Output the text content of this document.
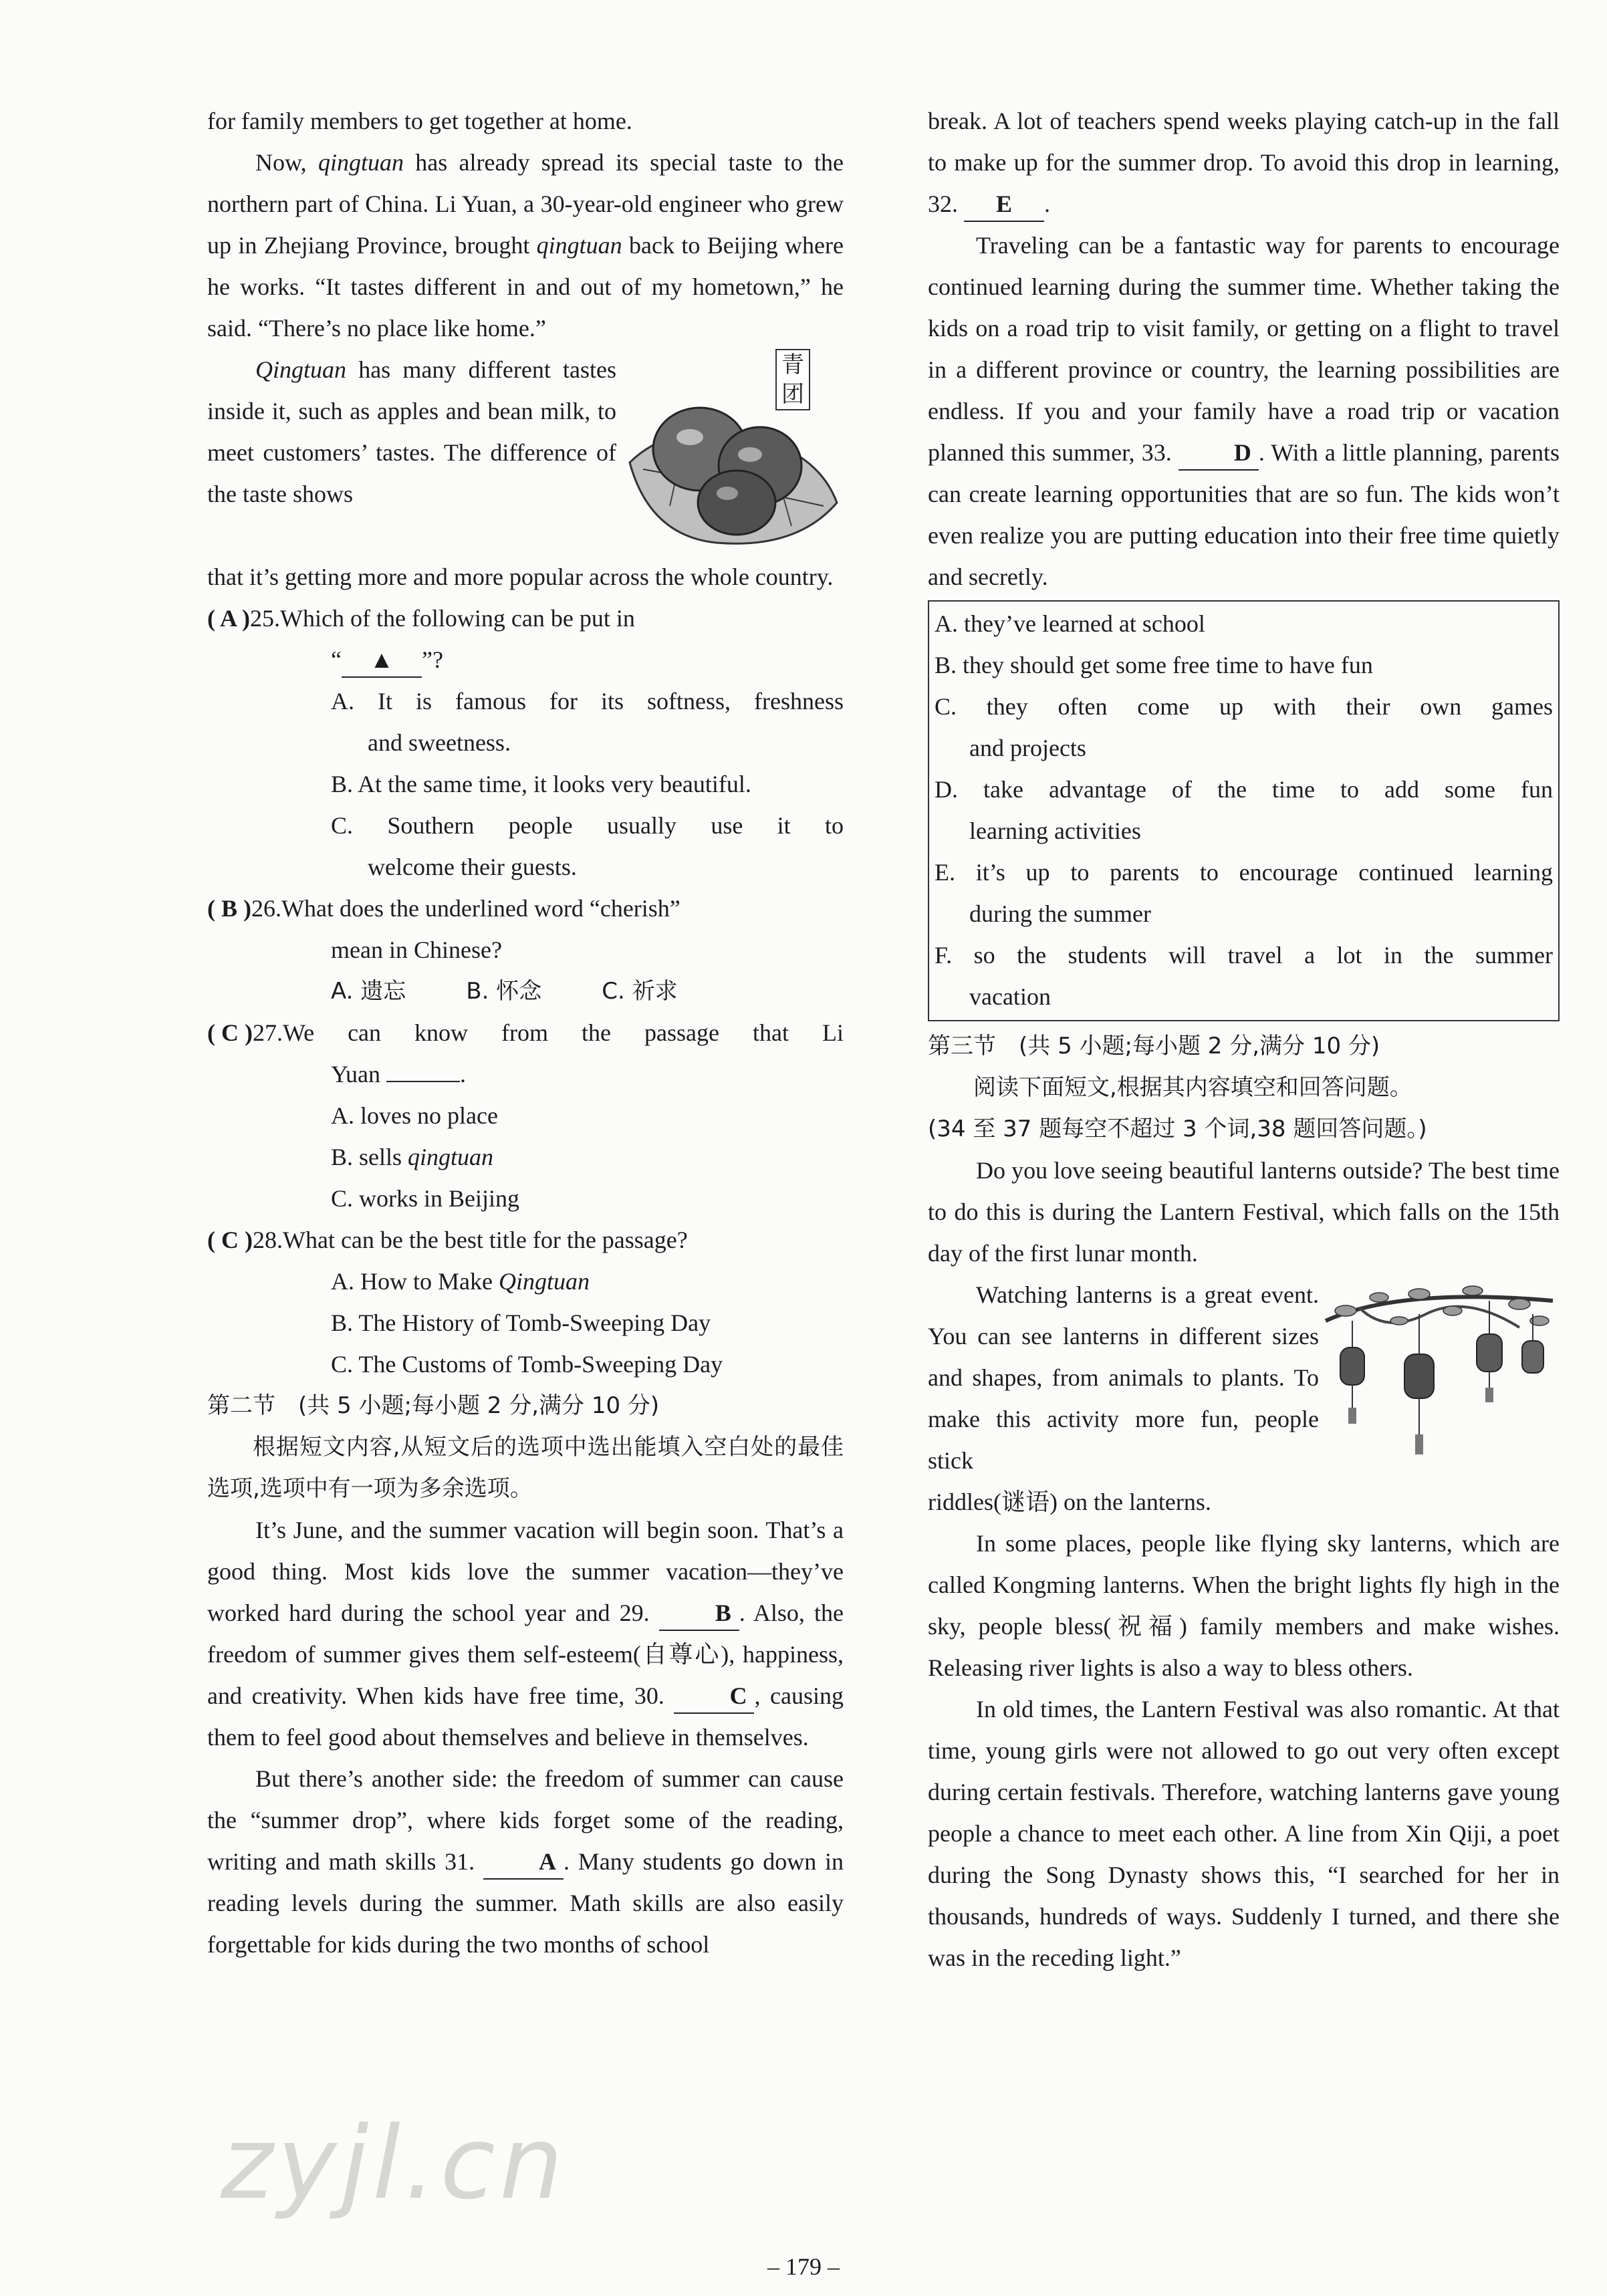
for family members to get together at home.

Now, qingtuan has already spread its special taste to the northern part of China. Li Yuan, a 30-year-old engineer who grew up in Zhejiang Province, brought qingtuan back to Beijing where he works. “It tastes different in and out of my hometown,” he said. “There’s no place like home.”

Qingtuan has many different tastes inside it, such as apples and bean milk, to meet customers’ tastes. The difference of the taste shows

青团

that it’s getting more and more popular across the whole country.

( A )25. Which of the following can be put in

“ ▲ ”?

A. It is famous for its softness, freshness

and sweetness.

B. At the same time, it looks very beautiful.

C. Southern people usually use it to

welcome their guests.

( B )26. What does the underlined word “cherish”

mean in Chinese?

A. 遗忘	B. 怀念	C. 祈求
( C )27. We can know from the passage that Li

Yuan	.

A. loves no place

B. sells qingtuan

C. works in Beijing

( C )28. What can be the best title for the passage?

A. How to Make Qingtuan

B. The History of Tomb-Sweeping Day

C. The Customs of Tomb-Sweeping Day

第二节　(共 5 小题;每小题 2 分,满分 10 分)

根据短文内容,从短文后的选项中选出能填入空白处的最佳选项,选项中有一项为多余选项。

It’s June, and the summer vacation will begin soon. That’s a good thing. Most kids love the summer vacation—they’ve worked hard during the school year and 29.	B . Also, the freedom of summer gives them self-esteem(自尊心), happiness, and creativity. When kids have free time, 30.	C , causing them to feel good about themselves and believe in themselves.

But there’s another side: the freedom of summer can cause the “summer drop”, where kids forget some of the reading, writing and math skills 31.	A . Many students go down in reading levels during the summer. Math skills are also easily forgettable for kids during the two months of school

break. A lot of teachers spend weeks playing catch-up in the fall to make up for the summer drop. To avoid this drop in learning, 32. E .

Traveling can be a fantastic way for parents to encourage continued learning during the summer time. Whether taking the kids on a road trip to visit family, or getting on a flight to travel in a different province or country, the learning possibilities are endless. If you and your family have a road trip or vacation planned this summer, 33.	D . With a little planning, parents can create learning opportunities that are so fun. The kids won’t even realize you are putting education into their free time quietly and secretly.

A. they’ve learned at school

B. they should get some free time to have fun

C. they often come up with their own games

and projects

D. take advantage of the time to add some fun

learning activities

E. it’s up to parents to encourage continued learning

during the summer

F. so the students will travel a lot in the summer

vacation

第三节　(共 5 小题;每小题 2 分,满分 10 分)

阅读下面短文,根据其内容填空和回答问题。

(34 至 37 题每空不超过 3 个词,38 题回答问题。)

Do you love seeing beautiful lanterns outside? The best time to do this is during the Lantern Festival, which falls on the 15th day of the first lunar month.

Watching lanterns is a great event. You can see lanterns in different sizes and shapes, from animals to plants. To make this activity more fun, people stick

riddles(谜语) on the lanterns.

In some places, people like flying sky lanterns, which are called Kongming lanterns. When the bright lights fly high in the sky, people bless(祝福) family members and make wishes. Releasing river lights is also a way to bless others.

In old times, the Lantern Festival was also romantic. At that time, young girls were not allowed to go out very often except during certain festivals. Therefore, watching lanterns gave young people a chance to meet each other. A line from Xin Qiji, a poet during the Song Dynasty shows this, “I searched for her in thousands, hundreds of ways. Suddenly I turned, and there she was in the receding light.”

– 179 –
zyjl.cn
